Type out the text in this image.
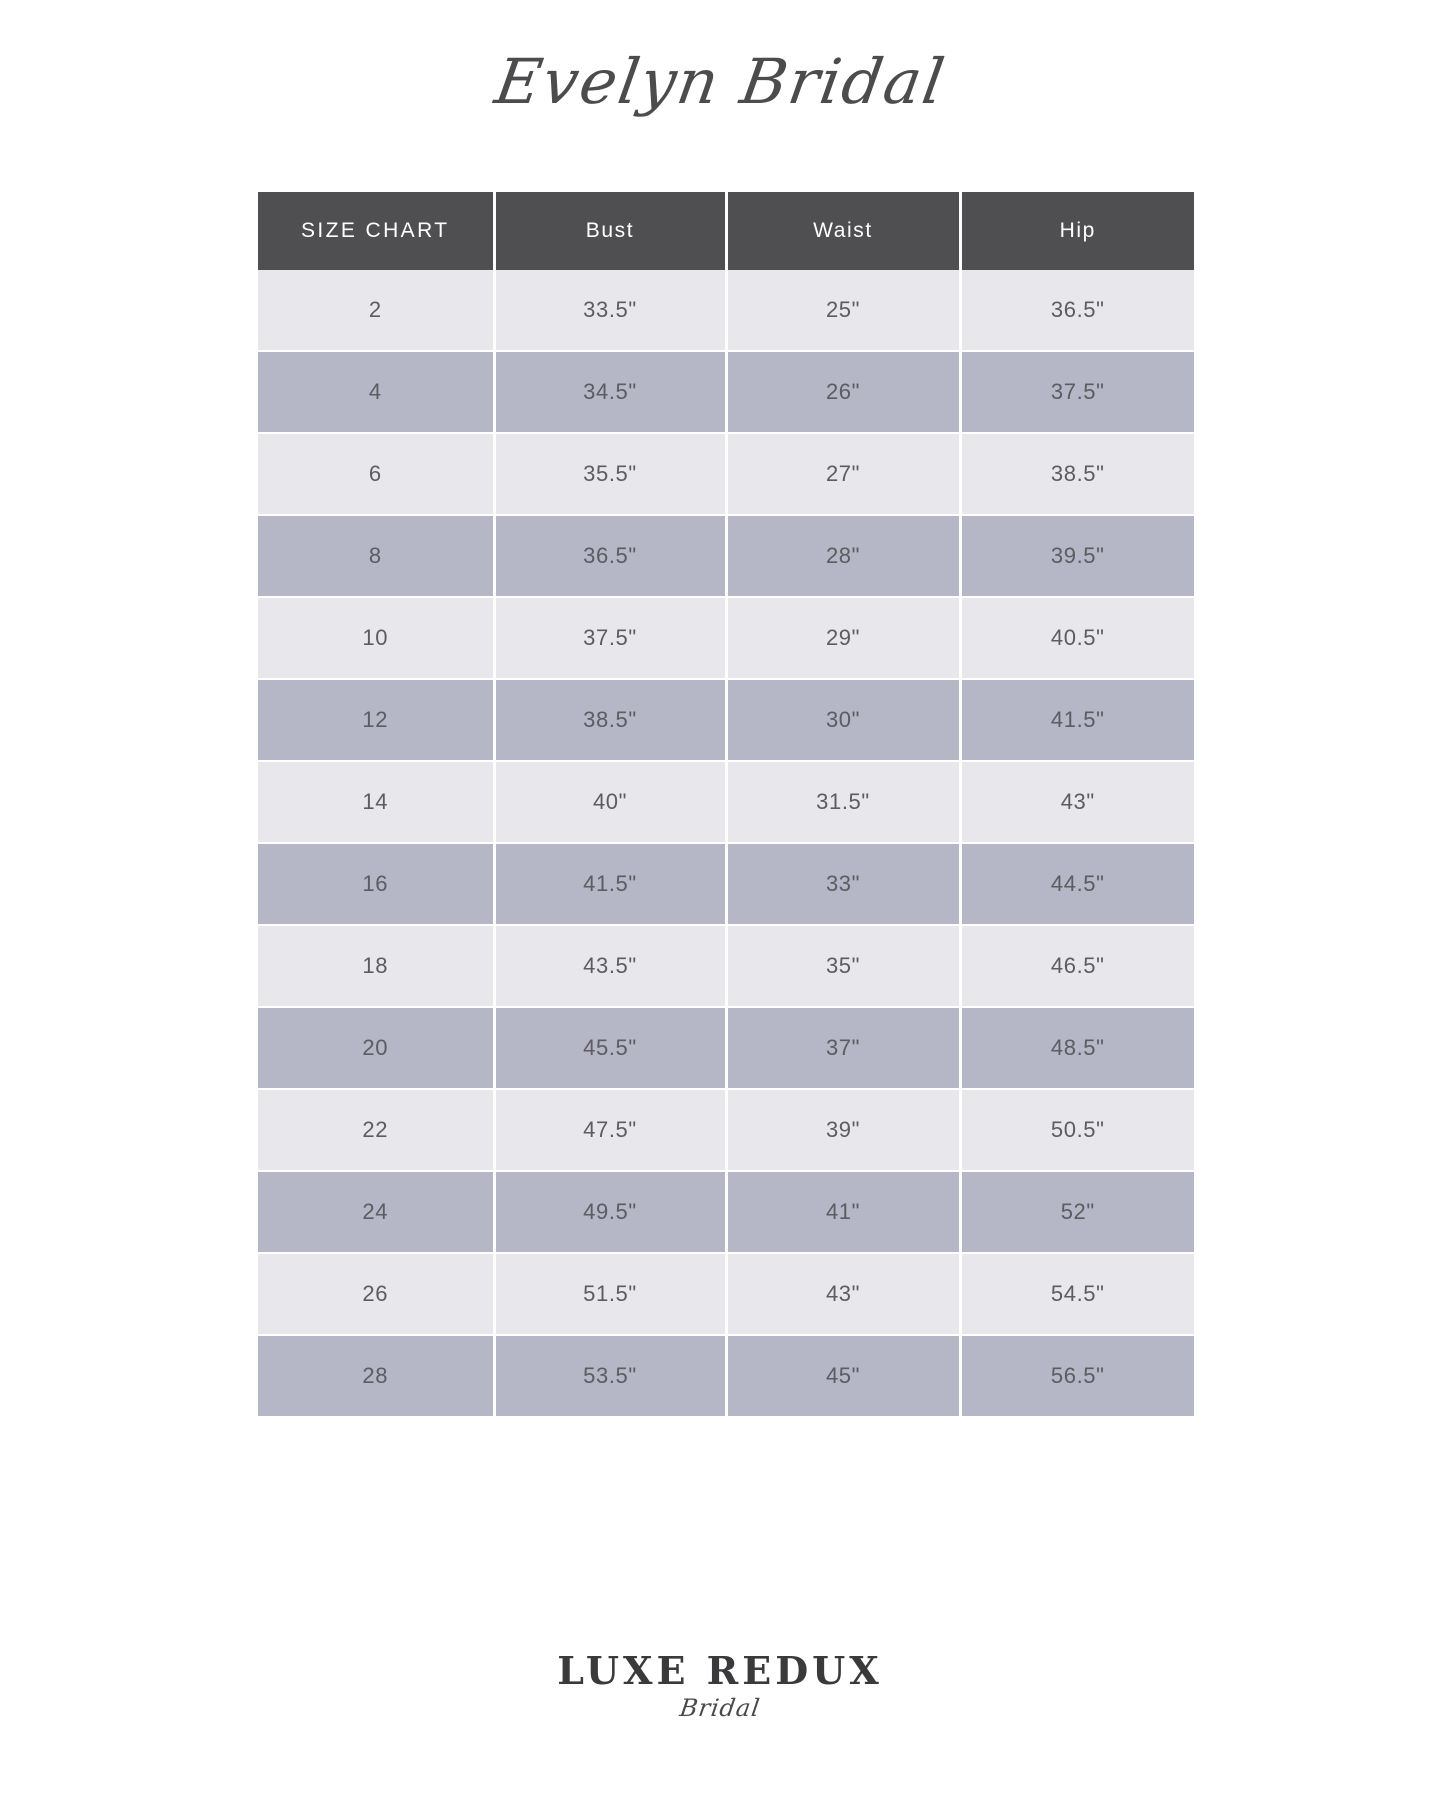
Evelyn Bridal
SIZE CHART	Bust	Waist	Hip
2	33.5"	25"	36.5"
4	34.5"	26"	37.5"
6	35.5"	27"	38.5"
8	36.5"	28"	39.5"
10	37.5"	29"	40.5"
12	38.5"	30"	41.5"
14	40"	31.5"	43"
16	41.5"	33"	44.5"
18	43.5"	35"	46.5"
20	45.5"	37"	48.5"
22	47.5"	39"	50.5"
24	49.5"	41"	52"
26	51.5"	43"	54.5"
28	53.5"	45"	56.5"
LUXE REDUX
Bridal
